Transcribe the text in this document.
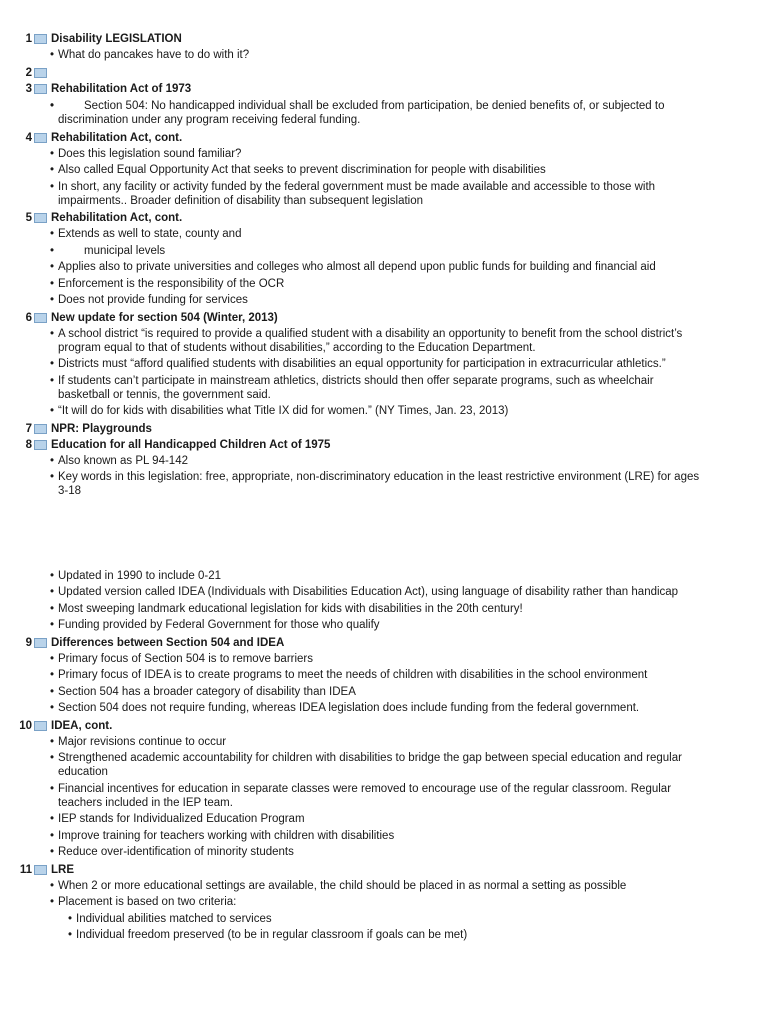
1 Disability LEGISLATION
• What do pancakes have to do with it?
2
3 Rehabilitation Act of 1973
• Section 504: No handicapped individual shall be excluded from participation, be denied benefits of, or subjected to discrimination under any program receiving federal funding.
4 Rehabilitation Act, cont.
• Does this legislation sound familiar?
• Also called Equal Opportunity Act that seeks to prevent discrimination for people with disabilities
• In short, any facility or activity funded by the federal government must be made available and accessible to those with impairments.. Broader definition of disability than subsequent legislation
5 Rehabilitation Act, cont.
• Extends as well to state, county and
• municipal levels
• Applies also to private universities and colleges who almost all depend upon public funds for building and financial aid
• Enforcement is the responsibility of the OCR
• Does not provide funding for services
6 New update for section 504 (Winter, 2013)
• A school district “is required to provide a qualified student with a disability an opportunity to benefit from the school district’s program equal to that of students without disabilities,” according to the Education Department.
• Districts must “afford qualified students with disabilities an equal opportunity for participation in extracurricular athletics.”
• If students can’t participate in mainstream athletics, districts should then offer separate programs, such as wheelchair basketball or tennis, the government said.
• “It will do for kids with disabilities what Title IX did for women.” (NY Times, Jan. 23, 2013)
7 NPR: Playgrounds
8 Education for all Handicapped Children Act of 1975
• Also known as PL 94-142
• Key words in this legislation: free, appropriate, non-discriminatory education in the least restrictive environment (LRE) for ages 3-18
• Updated in 1990 to include 0-21
• Updated version called IDEA (Individuals with Disabilities Education Act), using language of disability rather than handicap
• Most sweeping landmark educational legislation for kids with disabilities in the 20th century!
• Funding provided by Federal Government for those who qualify
9 Differences between Section 504 and IDEA
• Primary focus of Section 504 is to remove barriers
• Primary focus of IDEA is to create programs to meet the needs of children with disabilities in the school environment
• Section 504 has a broader category of disability than IDEA
• Section 504 does not require funding, whereas IDEA legislation does include funding from the federal government.
10 IDEA, cont.
• Major revisions continue to occur
• Strengthened academic accountability for children with disabilities to bridge the gap between special education and regular education
• Financial incentives for education in separate classes were removed to encourage use of the regular classroom. Regular teachers included in the IEP team.
• IEP stands for Individualized Education Program
• Improve training for teachers working with children with disabilities
• Reduce over-identification of minority students
11 LRE
• When 2 or more educational settings are available, the child should be placed in as normal a setting as possible
• Placement is based on two criteria:
• Individual abilities matched to services
• Individual freedom preserved (to be in regular classroom if goals can be met)
